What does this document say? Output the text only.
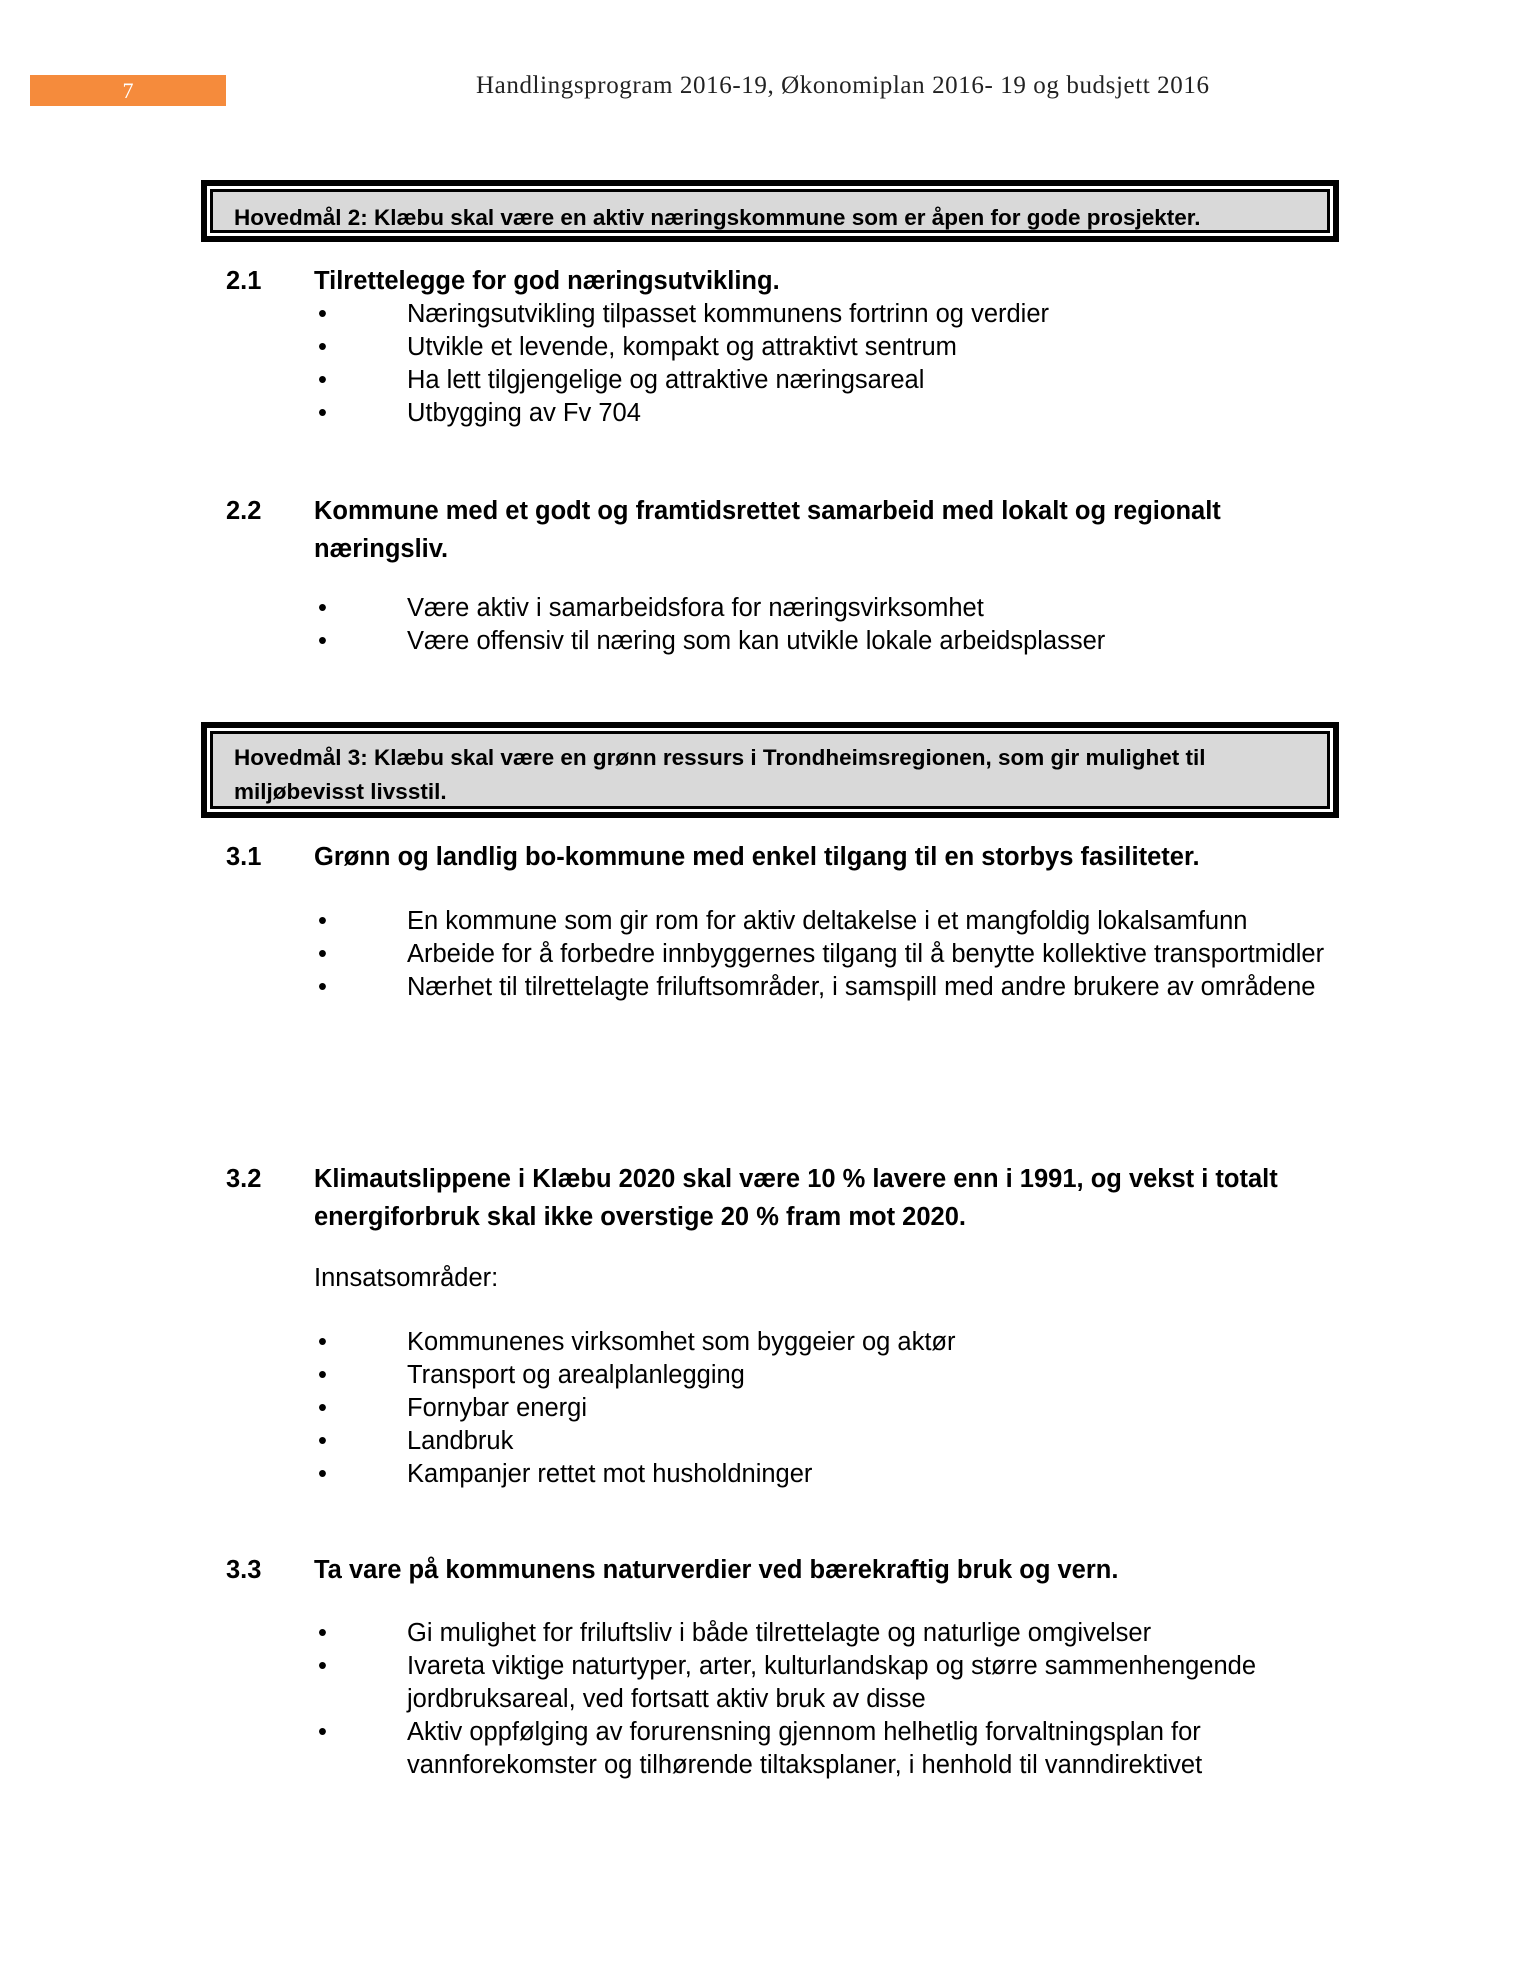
7	Handlingsprogram 2016-19, Økonomiplan 2016- 19 og budsjett 2016
Hovedmål 2: Klæbu skal være en aktiv næringskommune som er åpen for gode prosjekter.
2.1 Tilrettelegge for god næringsutvikling.
•	Næringsutvikling tilpasset kommunens fortrinn og verdier
•	Utvikle et levende, kompakt og attraktivt sentrum
•	Ha lett tilgjengelige og attraktive næringsareal
•	Utbygging av Fv 704
2.2 Kommune med et godt og framtidsrettet samarbeid med lokalt og regionalt næringsliv.
•	Være aktiv i samarbeidsfora for næringsvirksomhet
•	Være offensiv til næring som kan utvikle lokale arbeidsplasser
Hovedmål 3: Klæbu skal være en grønn ressurs i Trondheimsregionen, som gir mulighet til miljøbevisst livsstil.
3.1 Grønn og landlig bo-kommune med enkel tilgang til en storbys fasiliteter.
•	En kommune som gir rom for aktiv deltakelse i et mangfoldig lokalsamfunn
•	Arbeide for å forbedre innbyggernes tilgang til å benytte kollektive transportmidler
•	Nærhet til tilrettelagte friluftsområder, i samspill med andre brukere av områdene
3.2 Klimautslippene i Klæbu 2020 skal være 10 % lavere enn i 1991, og vekst i totalt energiforbruk skal ikke overstige 20 % fram mot 2020.
Innsatsområder:
•	Kommunenes virksomhet som byggeier og aktør
•	Transport og arealplanlegging
•	Fornybar energi
•	Landbruk
•	Kampanjer rettet mot husholdninger
3.3 Ta vare på kommunens naturverdier ved bærekraftig bruk og vern.
•	Gi mulighet for friluftsliv i både tilrettelagte og naturlige omgivelser
•	Ivareta viktige naturtyper, arter, kulturlandskap og større sammenhengende jordbruksareal, ved fortsatt aktiv bruk av disse
•	Aktiv oppfølging av forurensning gjennom helhetlig forvaltningsplan for vannforekomster og tilhørende tiltaksplaner, i henhold til vanndirektivet
